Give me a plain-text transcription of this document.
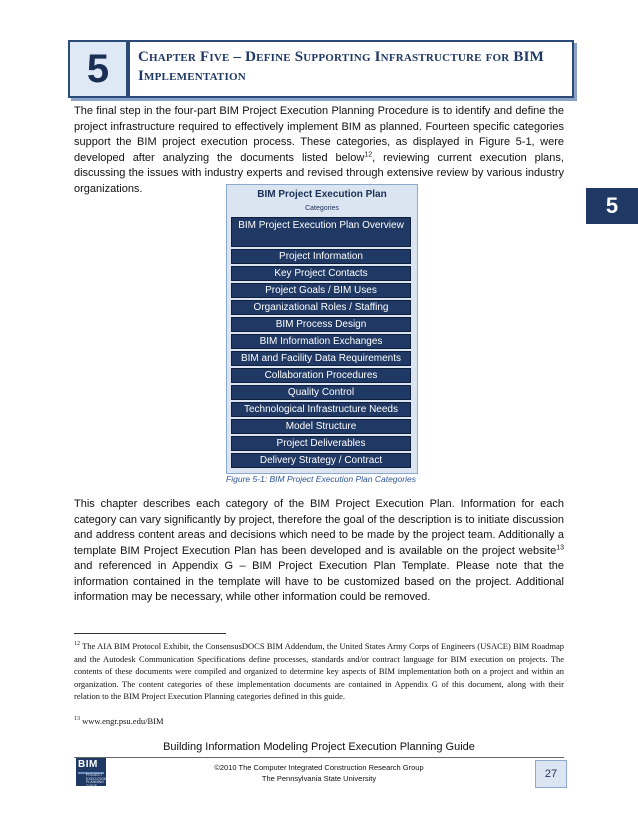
5 Chapter Five – Define Supporting Infrastructure for BIM Implementation
5
The final step in the four-part BIM Project Execution Planning Procedure is to identify and define the project infrastructure required to effectively implement BIM as planned. Fourteen specific categories support the BIM project execution process. These categories, as displayed in Figure 5-1, were developed after analyzing the documents listed below$^{12}$, reviewing current execution plans, discussing the issues with industry experts and revised through extensive review by various industry organizations.	BIM Project Execution Plan
Categories
BIM Project Execution Plan Overview
Project Information
Key Project Contacts
Project Goals / BIM Uses
Organizational Roles / Staffing
BIM Process Design
BIM Information Exchanges
BIM and Facility Data Requirements
Collaboration Procedures
Quality Control
Technological Infrastructure Needs
Model Structure
Project Deliverables
Delivery Strategy / Contract
Figure 5-1: BIM Project Execution Plan Categories
This chapter describes each category of the BIM Project Execution Plan. Information for each category can vary significantly by project, therefore the goal of the description is to initiate discussion and address content areas and decisions which need to be made by the project team. Additionally a template BIM Project Execution Plan has been developed and is available on the project website$^{13}$ and referenced in Appendix G – BIM Project Execution Plan Template. Please note that the information contained in the template will have to be customized based on the project. Additional information may be necessary, while other information could be removed.
$^{12}$ The AIA BIM Protocol Exhibit, the ConsensusDOCS BIM Addendum, the United States Army Corps of Engineers (USACE) BIM Roadmap and the Autodesk Communication Specifications define processes, standards and/or contract language for BIM execution on projects. The contents of these documents were compiled and organized to determine key aspects of BIM implementation both on a project and within an organization. The content categories of these implementation documents are contained in Appendix G of this document, along with their relation to the BIM Project Execution Planning categories defined in this guide.
$^{13}$ www.engr.psu.edu/BIM
Building Information Modeling Project Execution Planning Guide
BIM
PROJECT EXECUTION PLANNING GUIDE
©2010 The Computer Integrated Construction Research Group
The Pennsylvania State University	27
